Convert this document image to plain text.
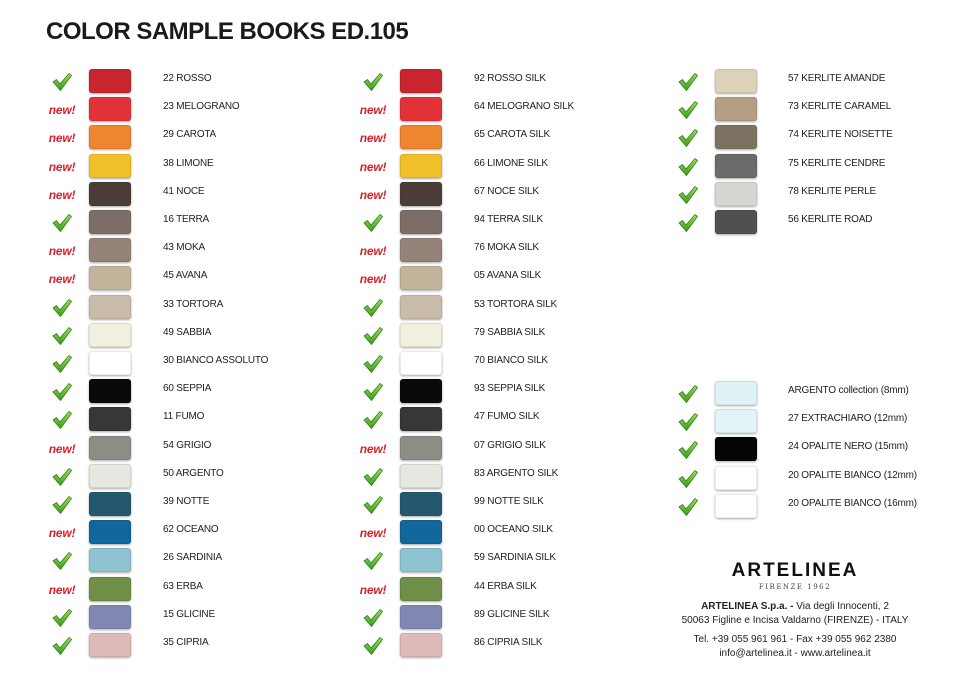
COLOR SAMPLE BOOKS ED.105
22 ROSSO
new!	23 MELOGRANO
new!	29 CAROTA
new!	38 LIMONE
new!	41 NOCE
16 TERRA
new!	43 MOKA
new!	45 AVANA
33 TORTORA
49 SABBIA
30 BIANCO ASSOLUTO
60 SEPPIA
11 FUMO
new!	54 GRIGIO
50 ARGENTO
39 NOTTE
new!	62 OCEANO
26 SARDINIA
new!	63 ERBA
15 GLICINE
35 CIPRIA
92 ROSSO SILK
new!	64 MELOGRANO SILK
new!	65 CAROTA SILK
new!	66 LIMONE SILK
new!	67 NOCE SILK
94 TERRA SILK
new!	76 MOKA SILK
new!	05 AVANA SILK
53 TORTORA SILK
79 SABBIA SILK
70 BIANCO SILK
93 SEPPIA SILK
47 FUMO SILK
new!	07 GRIGIO SILK
83 ARGENTO SILK
99 NOTTE SILK
new!	00 OCEANO SILK
59 SARDINIA SILK
new!	44 ERBA SILK
89 GLICINE SILK
86 CIPRIA SILK
57 KERLITE AMANDE
73 KERLITE CARAMEL
74 KERLITE NOISETTE
75 KERLITE CENDRE
78 KERLITE PERLE
56 KERLITE ROAD
ARGENTO collection (8mm)
27 EXTRACHIARO (12mm)
24 OPALITE NERO (15mm)
20 OPALITE BIANCO (12mm)
20 OPALITE BIANCO (16mm)
ARTELINEA
FIRENZE 1962
ARTELINEA S.p.a. - Via degli Innocenti, 2
50063 Figline e Incisa Valdarno (FIRENZE) - ITALY
Tel. +39 055 961 961 - Fax +39 055 962 2380
info@artelinea.it - www.artelinea.it
